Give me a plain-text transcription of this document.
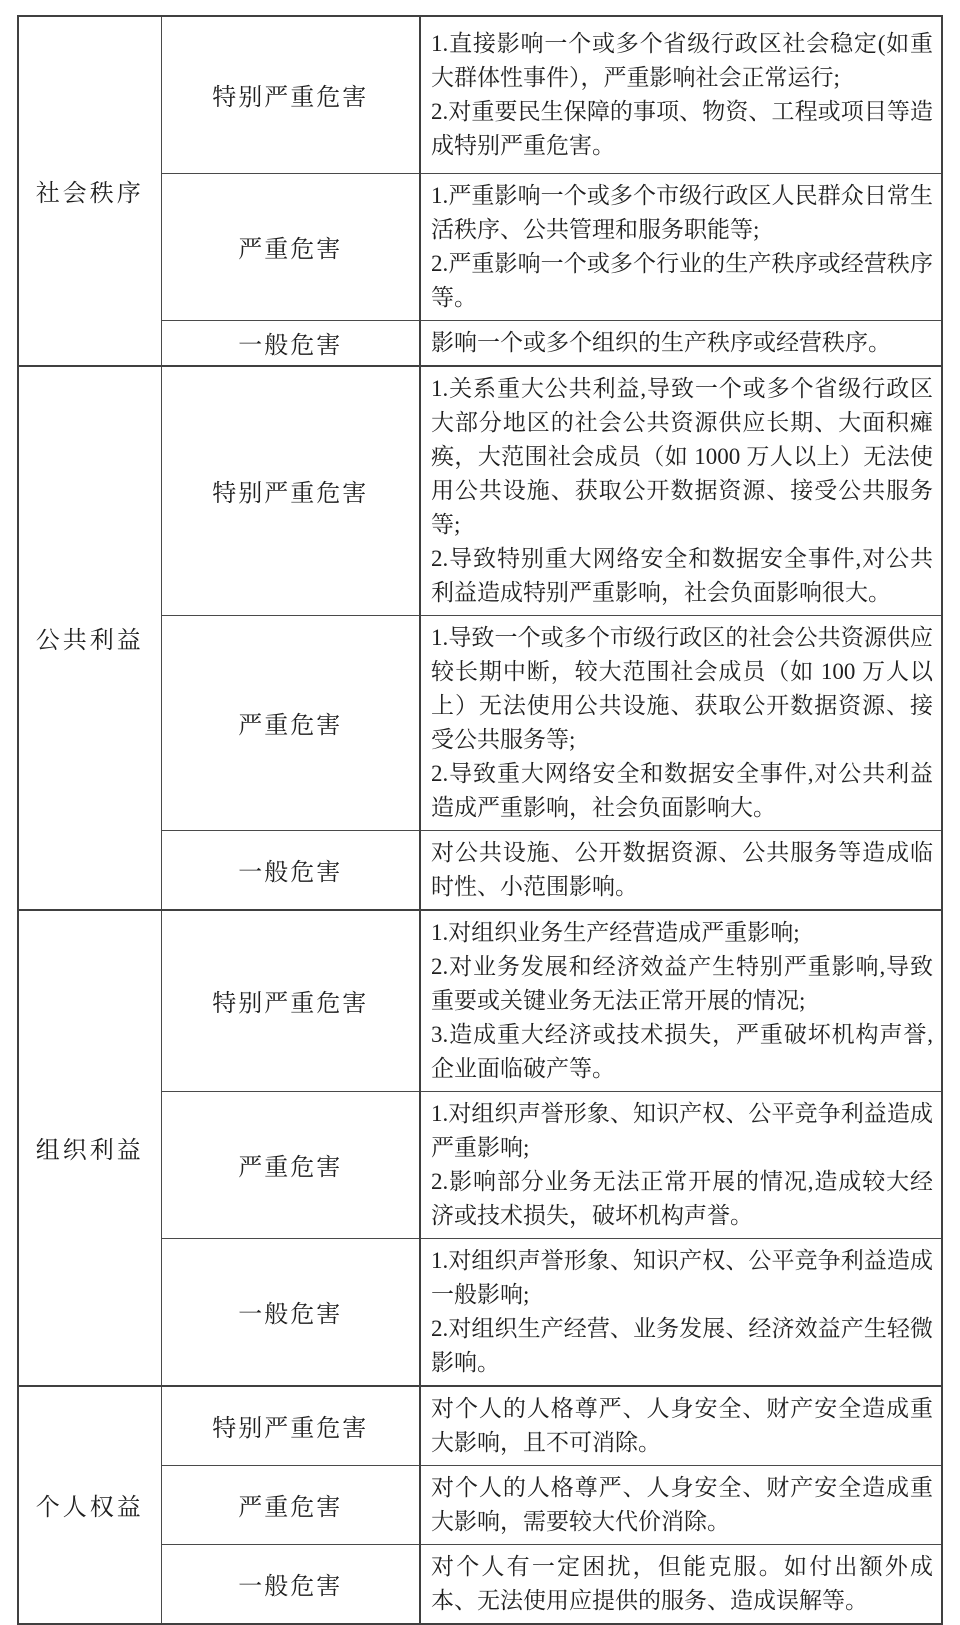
社会秩序	特别严重危害	1.直接影响一个或多个省级行政区社会稳定(如重大群体性事件），严重影响社会正常运行;
2.对重要民生保障的事项、物资、工程或项目等造成特别严重危害。

	严重危害	1.严重影响一个或多个市级行政区人民群众日常生活秩序、公共管理和服务职能等;
2.严重影响一个或多个行业的生产秩序或经营秩序等。

	一般危害	影响一个或多个组织的生产秩序或经营秩序。

公共利益	特别严重危害	1.关系重大公共利益,导致一个或多个省级行政区大部分地区的社会公共资源供应长期、大面积瘫痪，大范围社会成员（如 1000 万人以上）无法使用公共设施、获取公开数据资源、接受公共服务等;
2.导致特别重大网络安全和数据安全事件,对公共利益造成特别严重影响，社会负面影响很大。

	严重危害	1.导致一个或多个市级行政区的社会公共资源供应较长期中断，较大范围社会成员（如 100 万人以上）无法使用公共设施、获取公开数据资源、接受公共服务等;
2.导致重大网络安全和数据安全事件,对公共利益造成严重影响，社会负面影响大。

	一般危害	对公共设施、公开数据资源、公共服务等造成临时性、小范围影响。

组织利益	特别严重危害	1.对组织业务生产经营造成严重影响;
2.对业务发展和经济效益产生特别严重影响,导致重要或关键业务无法正常开展的情况;
3.造成重大经济或技术损失，严重破坏机构声誉,企业面临破产等。

	严重危害	1.对组织声誉形象、知识产权、公平竞争利益造成严重影响;
2.影响部分业务无法正常开展的情况,造成较大经济或技术损失，破坏机构声誉。

	一般危害	1.对组织声誉形象、知识产权、公平竞争利益造成一般影响;
2.对组织生产经营、业务发展、经济效益产生轻微影响。

个人权益	特别严重危害	对个人的人格尊严、人身安全、财产安全造成重大影响，且不可消除。

	严重危害	对个人的人格尊严、人身安全、财产安全造成重大影响，需要较大代价消除。

	一般危害	对个人有一定困扰，但能克服。如付出额外成本、无法使用应提供的服务、造成误解等。
